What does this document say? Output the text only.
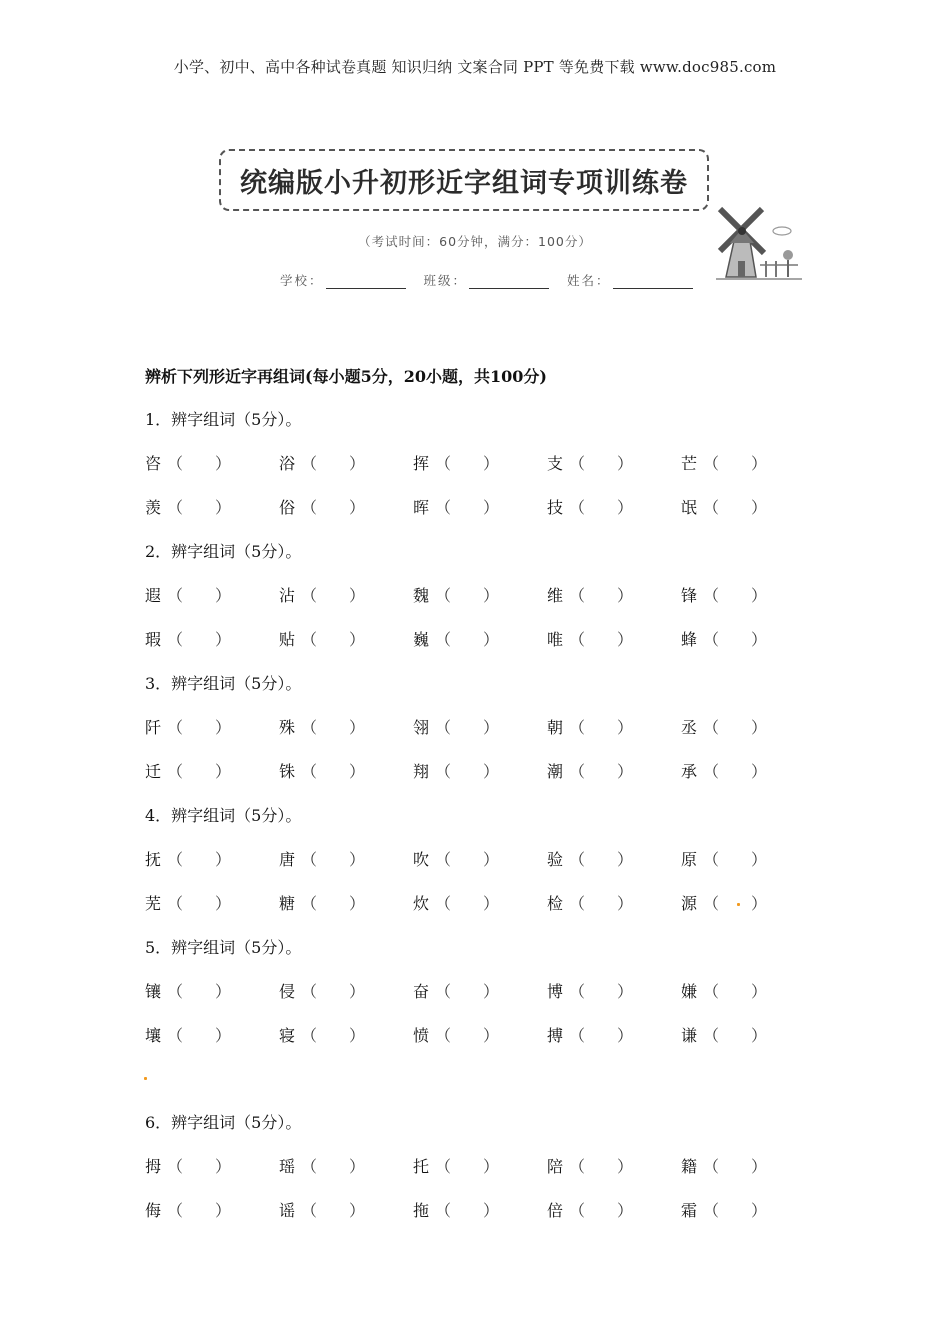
小学、初中、高中各种试卷真题 知识归纳 文案合同 PPT 等免费下载 www.doc985.com
统编版小升初形近字组词专项训练卷
（考试时间：60分钟，满分：100分）
学校：	班级：	姓名：
辨析下列形近字再组词(每小题5分，20小题，共100分)
1．辨字组词（5分）。
咨 （   ）	浴 （   ）	挥 （   ）	支 （   ）	芒 （   ）
羡 （   ）	俗 （   ）	晖 （   ）	技 （   ）	氓 （   ）
2．辨字组词（5分）。
遐 （   ）	沾 （   ）	魏 （   ）	维 （   ）	锋 （   ）
瑕 （   ）	贴 （   ）	巍 （   ）	唯 （   ）	蜂 （   ）
3．辨字组词（5分）。
阡 （   ）	殊 （   ）	翎 （   ）	朝 （   ）	丞 （   ）
迁 （   ）	铢 （   ）	翔 （   ）	潮 （   ）	承 （   ）
4．辨字组词（5分）。
抚 （   ）	唐 （   ）	吹 （   ）	验 （   ）	原 （   ）
芜 （   ）	糖 （   ）	炊 （   ）	检 （   ）	源 （   ）
5．辨字组词（5分）。
镶 （   ）	侵 （   ）	奋 （   ）	博 （   ）	嫌 （   ）
壤 （   ）	寝 （   ）	愤 （   ）	搏 （   ）	谦 （   ）
6．辨字组词（5分）。
拇 （   ）	瑶 （   ）	托 （   ）	陪 （   ）	籍 （   ）
侮 （   ）	谣 （   ）	拖 （   ）	倍 （   ）	霜 （   ）
